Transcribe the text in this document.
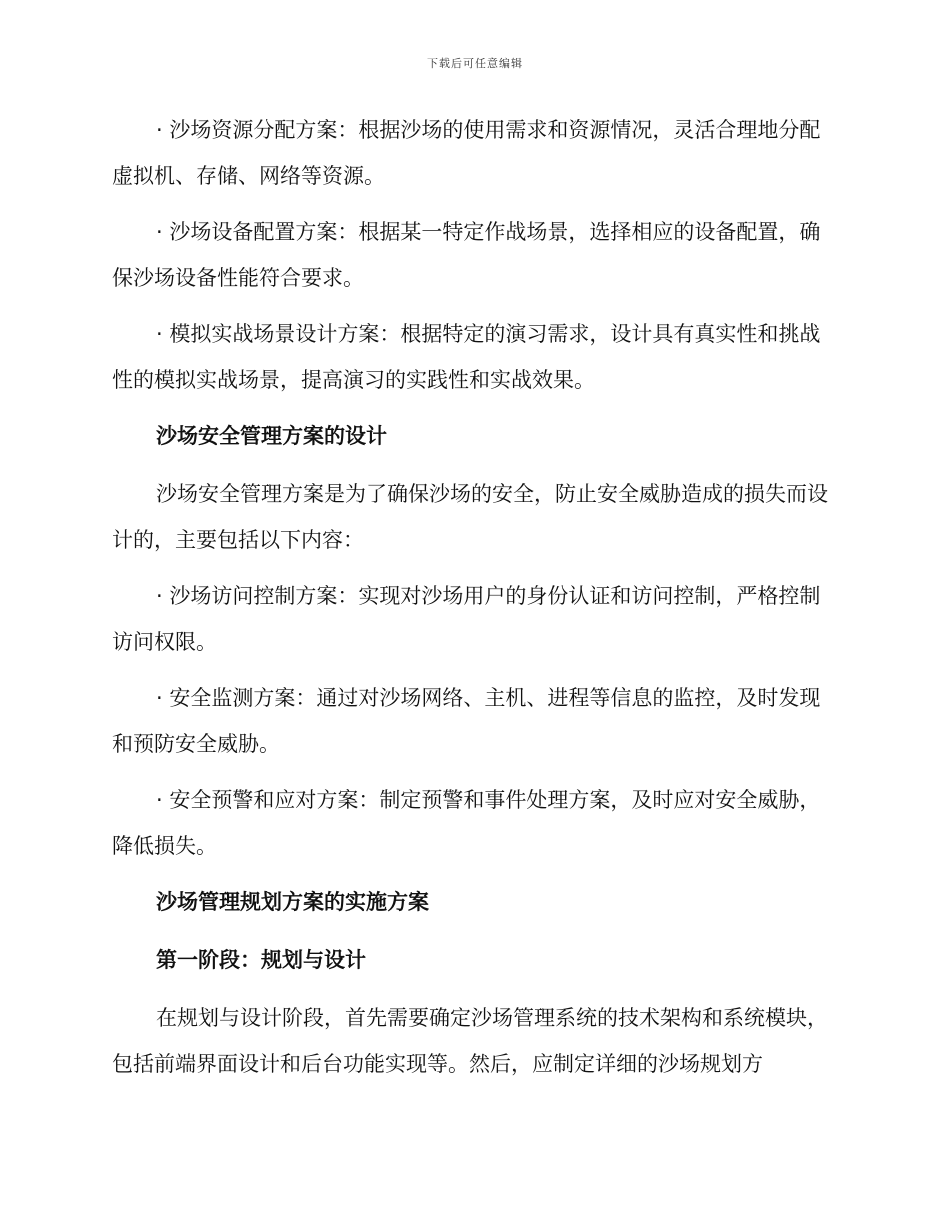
下载后可任意编辑

· 沙场资源分配方案：根据沙场的使用需求和资源情况，灵活合理地分配虚拟机、存储、网络等资源。

· 沙场设备配置方案：根据某一特定作战场景，选择相应的设备配置，确保沙场设备性能符合要求。

· 模拟实战场景设计方案：根据特定的演习需求，设计具有真实性和挑战性的模拟实战场景，提高演习的实践性和实战效果。

沙场安全管理方案的设计

沙场安全管理方案是为了确保沙场的安全，防止安全威胁造成的损失而设计的，主要包括以下内容：

· 沙场访问控制方案：实现对沙场用户的身份认证和访问控制，严格控制访问权限。

· 安全监测方案：通过对沙场网络、主机、进程等信息的监控，及时发现和预防安全威胁。

· 安全预警和应对方案：制定预警和事件处理方案，及时应对安全威胁，降低损失。

沙场管理规划方案的实施方案
第一阶段：规划与设计

在规划与设计阶段，首先需要确定沙场管理系统的技术架构和系统模块，包括前端界面设计和后台功能实现等。然后，应制定详细的沙场规划方
